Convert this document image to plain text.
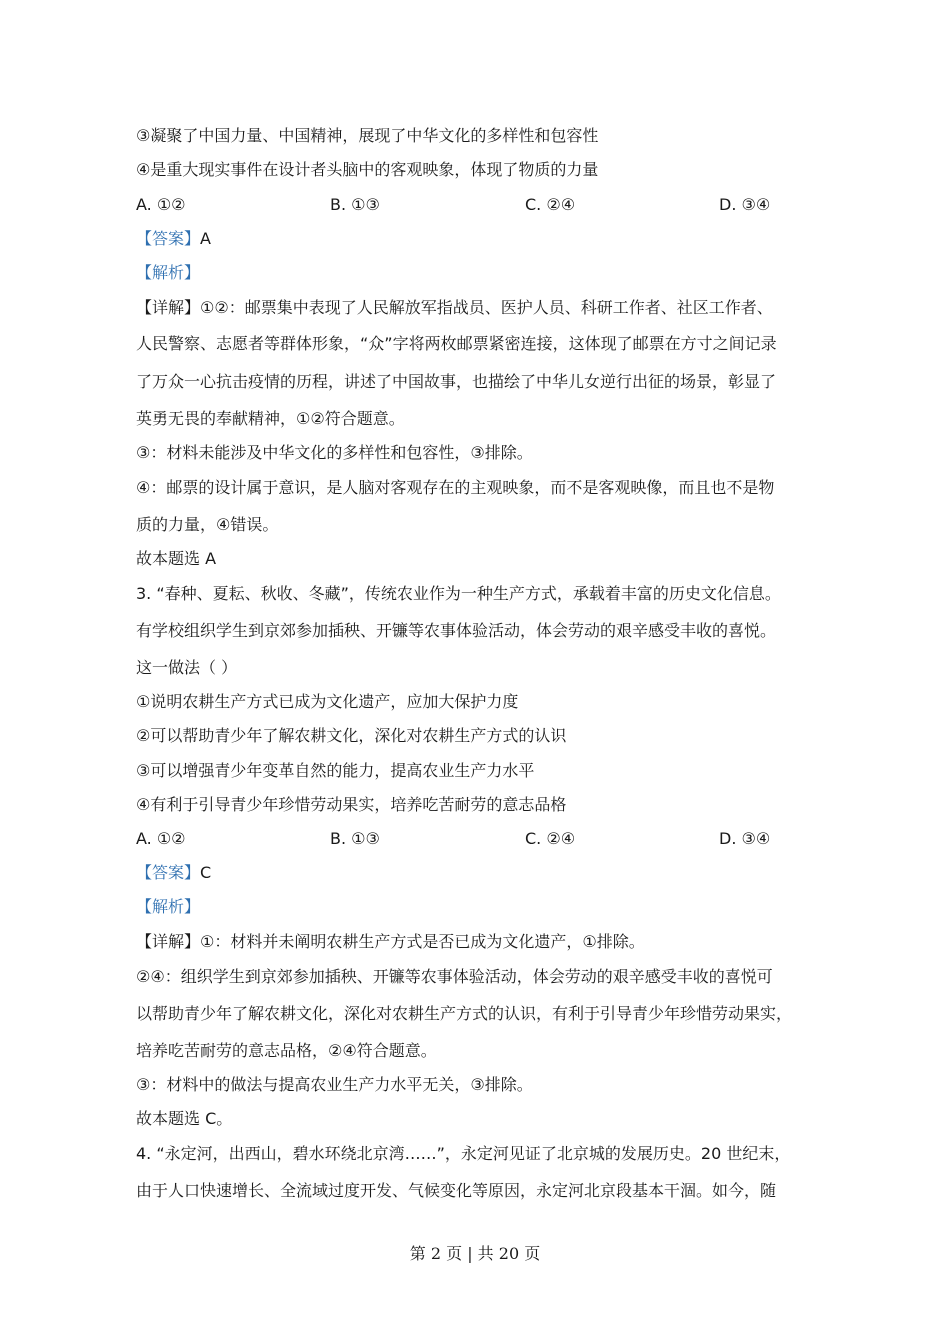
③凝聚了中国力量、中国精神，展现了中华文化的多样性和包容性
④是重大现实事件在设计者头脑中的客观映象，体现了物质的力量
A. ①②	B. ①③	C. ②④	D. ③④
【答案】A
【解析】
【详解】①②：邮票集中表现了人民解放军指战员、医护人员、科研工作者、社区工作者、
人民警察、志愿者等群体形象，“众”字将两枚邮票紧密连接，这体现了邮票在方寸之间记录
了万众一心抗击疫情的历程，讲述了中国故事，也描绘了中华儿女逆行出征的场景，彰显了
英勇无畏的奉献精神，①②符合题意。
③：材料未能涉及中华文化的多样性和包容性，③排除。
④：邮票的设计属于意识，是人脑对客观存在的主观映象，而不是客观映像，而且也不是物
质的力量，④错误。
故本题选 A
3. “春种、夏耘、秋收、冬藏”，传统农业作为一种生产方式，承载着丰富的历史文化信息。
有学校组织学生到京郊参加插秧、开镰等农事体验活动，体会劳动的艰辛感受丰收的喜悦。
这一做法（ ）
①说明农耕生产方式已成为文化遗产，应加大保护力度
②可以帮助青少年了解农耕文化，深化对农耕生产方式的认识
③可以增强青少年变革自然的能力，提高农业生产力水平
④有利于引导青少年珍惜劳动果实，培养吃苦耐劳的意志品格
A. ①②	B. ①③	C. ②④	D. ③④
【答案】C
【解析】
【详解】①：材料并未阐明农耕生产方式是否已成为文化遗产，①排除。
②④：组织学生到京郊参加插秧、开镰等农事体验活动，体会劳动的艰辛感受丰收的喜悦可
以帮助青少年了解农耕文化，深化对农耕生产方式的认识，有利于引导青少年珍惜劳动果实，
培养吃苦耐劳的意志品格，②④符合题意。
③：材料中的做法与提高农业生产力水平无关，③排除。
故本题选 C。
4. “永定河，出西山，碧水环绕北京湾……”，永定河见证了北京城的发展历史。20 世纪末，
由于人口快速增长、全流域过度开发、气候变化等原因，永定河北京段基本干涸。如今，随
第 2 页 | 共 20 页
